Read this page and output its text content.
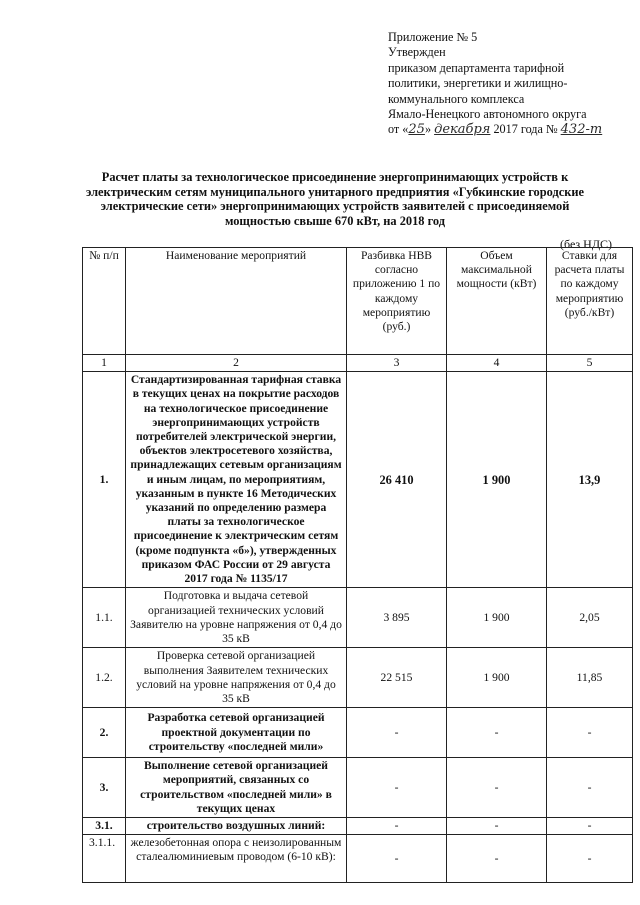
Приложение № 5
Утвержден
приказом департамента тарифной
политики, энергетики и жилищно-
коммунального комплекса
Ямало-Ненецкого автономного округа
от «25» декабря 2017 года № 432-т
Расчет платы за технологическое присоединение энергопринимающих устройств к
электрическим сетям муниципального унитарного предприятия «Губкинские городские
электрические сети» энергопринимающих устройств заявителей с присоединяемой
мощностью свыше 670 кВт, на 2018 год
(без НДС)
№ п/п	Наименование мероприятий	Разбивка НВВ согласно приложению 1 по каждому мероприятию (руб.)	Объем максимальной мощности (кВт)	Ставки для расчета платы по каждому мероприятию (руб./кВт)
1	2	3	4	5
1.	Стандартизированная тарифная ставка в текущих ценах на покрытие расходов на технологическое присоединение энергопринимающих устройств потребителей электрической энергии, объектов электросетевого хозяйства, принадлежащих сетевым организациям и иным лицам, по мероприятиям, указанным в пункте 16 Методических указаний по определению размера платы за технологическое присоединение к электрическим сетям (кроме подпункта «б»), утвержденных приказом ФАС России от 29 августа 2017 года № 1135/17	26 410	1 900	13,9
1.1.	Подготовка и выдача сетевой организацией технических условий Заявителю на уровне напряжения от 0,4 до 35 кВ	3 895	1 900	2,05
1.2.	Проверка сетевой организацией выполнения Заявителем технических условий на уровне напряжения от 0,4 до 35 кВ	22 515	1 900	11,85
2.	Разработка сетевой организацией проектной документации по строительству «последней мили»	-	-	-
3.	Выполнение сетевой организацией мероприятий, связанных со строительством «последней мили» в текущих ценах	-	-	-
3.1.	строительство воздушных линий:	-	-	-
3.1.1.	железобетонная опора с неизолированным сталеалюминиевым проводом (6-10 кВ):	-	-	-
